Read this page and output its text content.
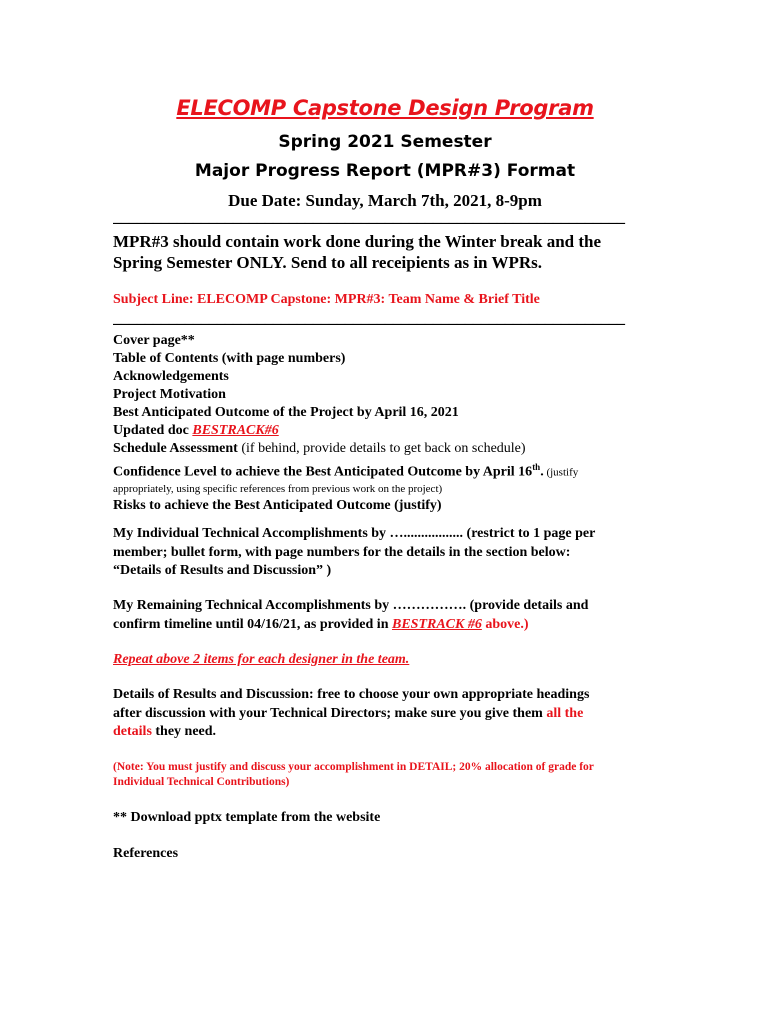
ELECOMP Capstone Design Program
Spring 2021 Semester
Major Progress Report (MPR#3) Format
Due Date: Sunday, March 7th, 2021, 8-9pm
________________________________________________________________
MPR#3 should contain work done during the Winter break and the
Spring Semester ONLY. Send to all receipients as in WPRs.
Subject Line: ELECOMP Capstone: MPR#3: Team Name & Brief Title
________________________________________________________________
Cover page**
Table of Contents (with page numbers)
Acknowledgements
Project Motivation
Best Anticipated Outcome of the Project by April 16, 2021
Updated doc BESTRACK#6
Schedule Assessment (if behind, provide details to get back on schedule)
Confidence Level to achieve the Best Anticipated Outcome by April 16th. (justify
appropriately, using specific references from previous work on the project)
Risks to achieve the Best Anticipated Outcome (justify)
My Individual Technical Accomplishments by …................. (restrict to 1 page per
member; bullet form, with page numbers for the details in the section below:
“Details of Results and Discussion” )
My Remaining Technical Accomplishments by ……………. (provide details and
confirm timeline until 04/16/21, as provided in BESTRACK #6 above.)
Repeat above 2 items for each designer in the team.
Details of Results and Discussion: free to choose your own appropriate headings
after discussion with your Technical Directors; make sure you give them all the
details they need.
(Note: You must justify and discuss your accomplishment in DETAIL; 20% allocation of grade for
Individual Technical Contributions)
** Download pptx template from the website
References
